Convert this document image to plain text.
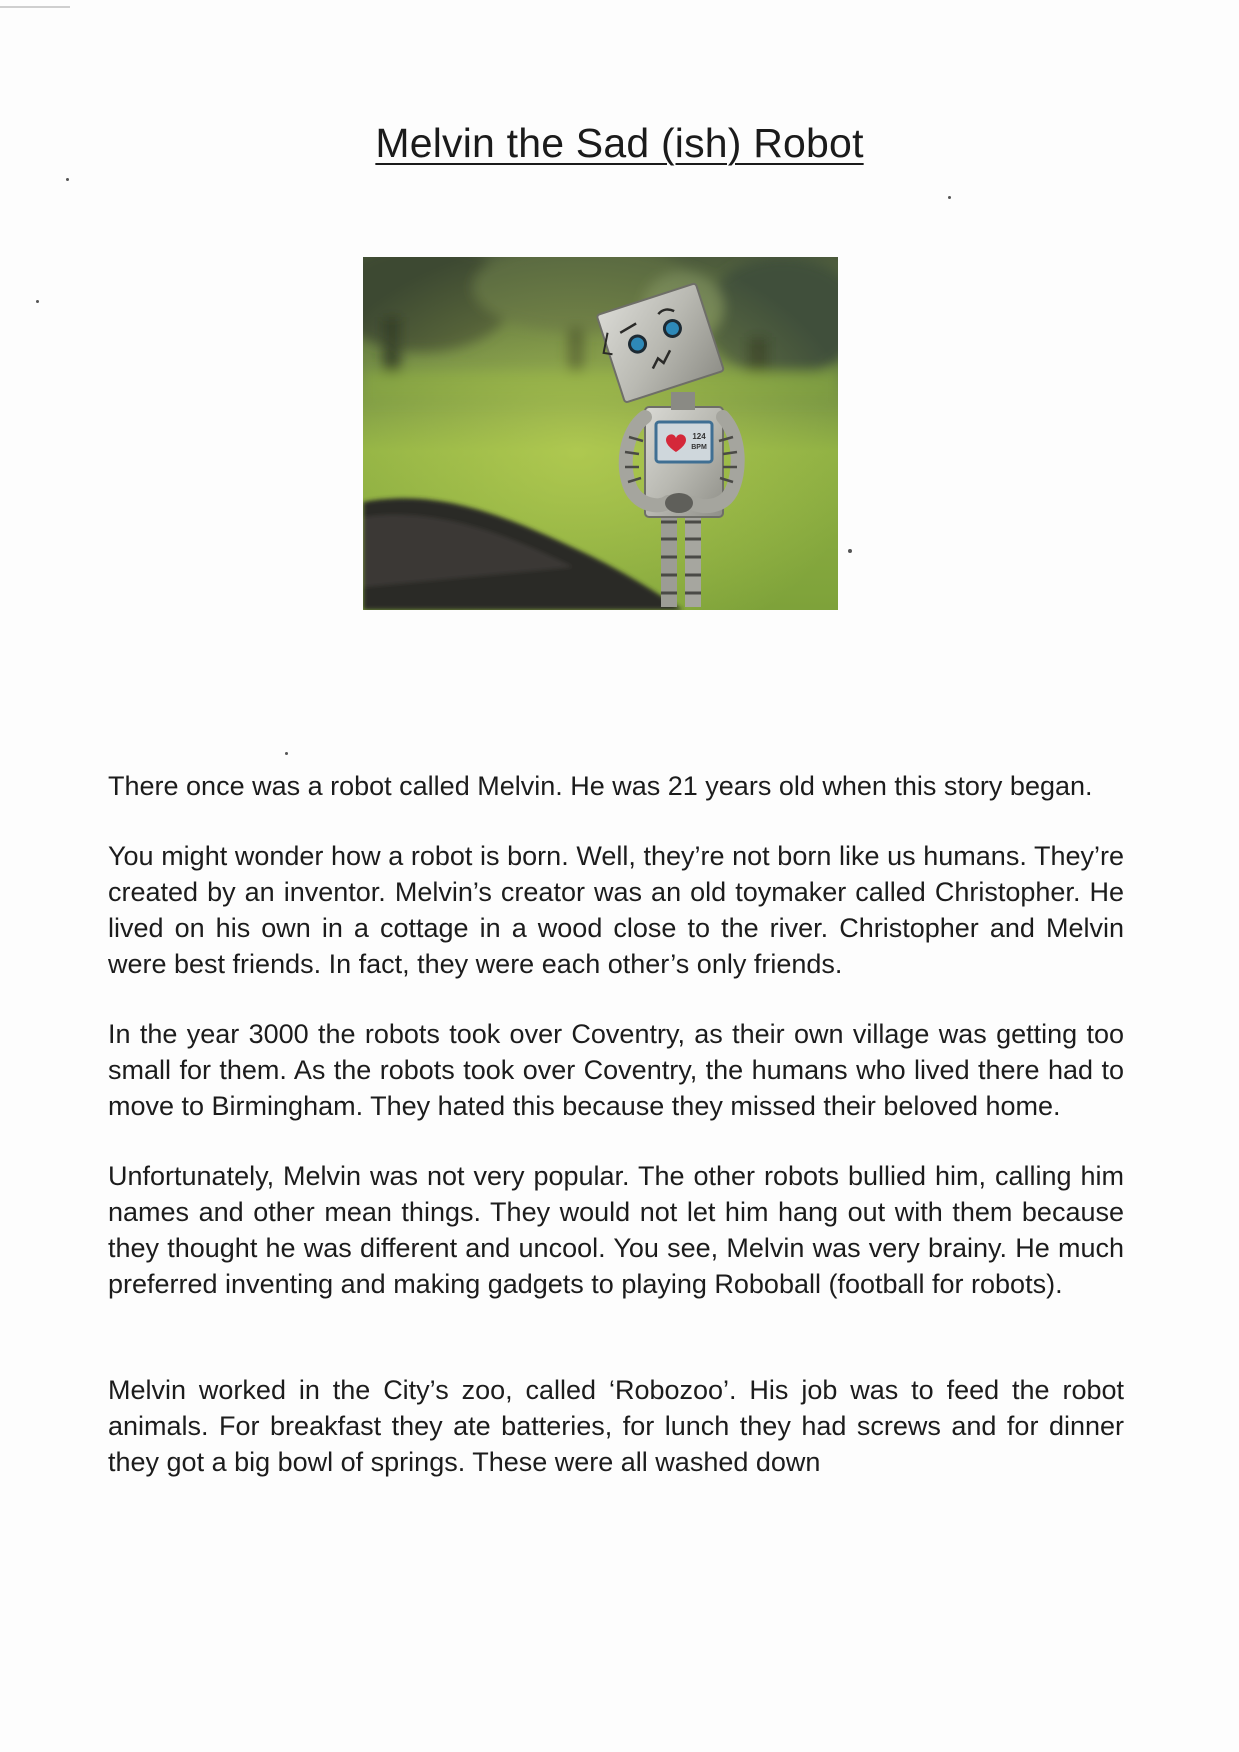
Melvin the Sad (ish) Robot
124
BPM

There once was a robot called Melvin. He was 21 years old when this story began.

You might wonder how a robot is born. Well, they’re not born like us humans. They’re created by an inventor. Melvin’s creator was an old toymaker called Christopher. He lived on his own in a cottage in a wood close to the river. Christopher and Melvin were best friends. In fact, they were each other’s only friends.

In the year 3000 the robots took over Coventry, as their own village was getting too small for them. As the robots took over Coventry, the humans who lived there had to move to Birmingham. They hated this because they missed their beloved home.

Unfortunately, Melvin was not very popular. The other robots bullied him, calling him names and other mean things. They would not let him hang out with them because they thought he was different and uncool. You see, Melvin was very brainy. He much preferred inventing and making gadgets to playing Roboball (football for robots).

Melvin worked in the City’s zoo, called ‘Robozoo’. His job was to feed the robot animals. For breakfast they ate batteries, for lunch they had screws and for dinner they got a big bowl of springs. These were all washed down
